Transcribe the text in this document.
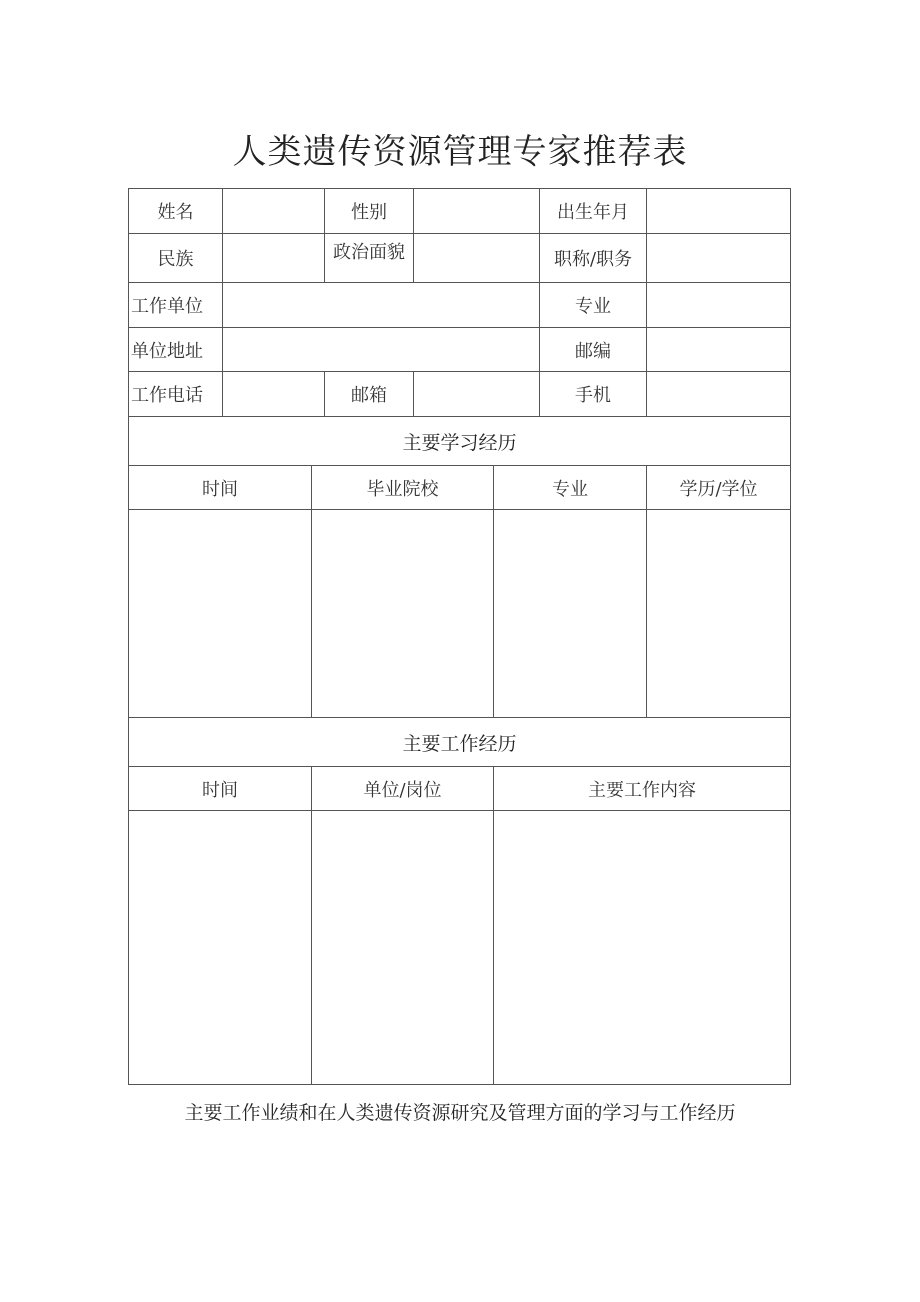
人类遗传资源管理专家推荐表
姓名	性别	出生年月
民族	政治面貌	职称/职务
工作单位	专业
单位地址	邮编
工作电话	邮箱	手机
主要学习经历
时间	毕业院校	专业	学历/学位
主要工作经历
时间	单位/岗位	主要工作内容
主要工作业绩和在人类遗传资源研究及管理方面的学习与工作经历
